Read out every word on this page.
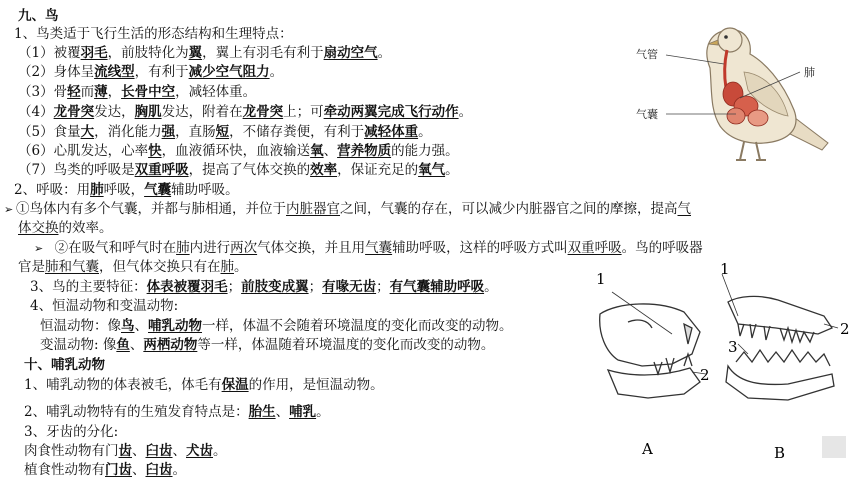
九、鸟
1、鸟类适于飞行生活的形态结构和生理特点：
（1）被覆羽毛，前肢特化为翼，翼上有羽毛有利于扇动空气。
（2）身体呈流线型，有利于减少空气阻力。
（3）骨轻而薄，长骨中空，减轻体重。
（4）龙骨突发达，胸肌发达，附着在龙骨突上；可牵动两翼完成飞行动作。
（5）食量大，消化能力强，直肠短，不储存粪便，有利于减轻体重。
（6）心肌发达，心率快，血液循环快，血液输送氧、营养物质的能力强。
（7）鸟类的呼吸是双重呼吸，提高了气体交换的效率，保证充足的氧气。
2、呼吸：用肺呼吸，气囊辅助呼吸。
➢ ①鸟体内有多个气囊，并都与肺相通，并位于内脏器官之间，气囊的存在，可以减少内脏器官之间的摩擦，提高气
体交换的效率。
➢ ②在吸气和呼气时在肺内进行两次气体交换，并且用气囊辅助呼吸，这样的呼吸方式叫双重呼吸。鸟的呼吸器
官是肺和气囊，但气体交换只有在肺。
3、鸟的主要特征：体表被覆羽毛；前肢变成翼；有喙无齿；有气囊辅助呼吸。
4、恒温动物和变温动物:
恒温动物：像鸟、哺乳动物一样，体温不会随着环境温度的变化而改变的动物。
变温动物: 像鱼、两栖动物等一样，体温随着环境温度的变化而改变的动物。
十、哺乳动物
1、哺乳动物的体表被毛，体毛有保温的作用，是恒温动物。
2、哺乳动物特有的生殖发育特点是：胎生、哺乳。
3、牙齿的分化:
肉食性动物有门齿、臼齿、犬齿。
植食性动物有门齿、臼齿。
气管
肺
气囊
1
2
A
1
2
3
B
